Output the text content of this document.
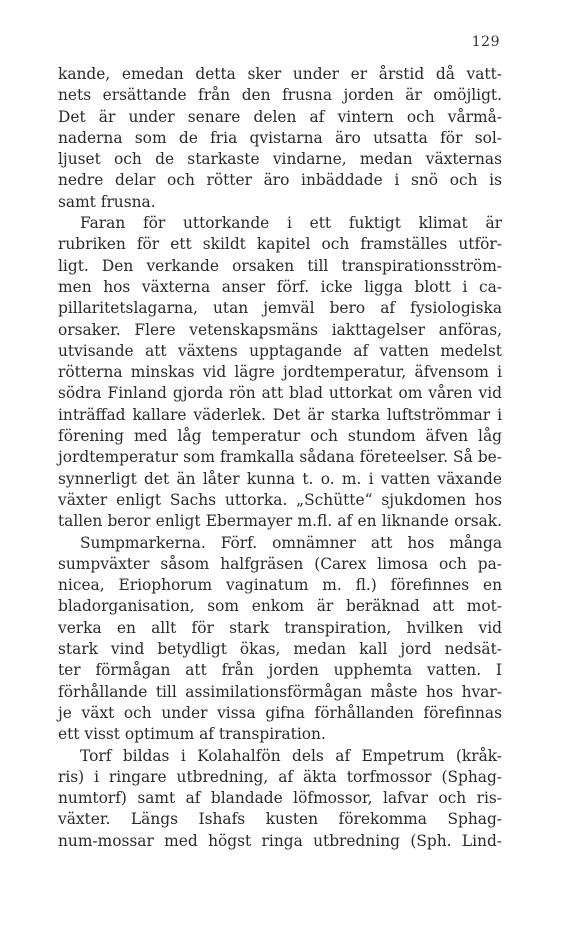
129
kande, emedan detta sker under er årstid då vatt-
nets ersättande från den frusna jorden är omöjligt.
Det är under senare delen af vintern och vårmå-
naderna som de fria qvistarna äro utsatta för sol-
ljuset och de starkaste vindarne, medan växternas
nedre delar och rötter äro inbäddade i snö och is
samt frusna.
Faran för uttorkande i ett fuktigt klimat är
rubriken för ett skildt kapitel och framställes utför-
ligt. Den verkande orsaken till transpirationsström-
men hos växterna anser förf. icke ligga blott i ca-
pillaritetslagarna, utan jemväl bero af fysiologiska
orsaker. Flere vetenskapsmäns iakttagelser anföras,
utvisande att växtens upptagande af vatten medelst
rötterna minskas vid lägre jordtemperatur, äfvensom i
södra Finland gjorda rön att blad uttorkat om våren vid
inträffad kallare väderlek. Det är starka luftströmmar i
förening med låg temperatur och stundom äfven låg
jordtemperatur som framkalla sådana företeelser. Så be-
synnerligt det än låter kunna t. o. m. i vatten växande
växter enligt Sachs uttorka. „Schütte“ sjukdomen hos
tallen beror enligt Ebermayer m.fl. af en liknande orsak.
Sumpmarkerna. Förf. omnämner att hos många
sumpväxter såsom halfgräsen (Carex limosa och pa-
nicea, Eriophorum vaginatum m. fl.) förefinnes en
bladorganisation, som enkom är beräknad att mot-
verka en allt för stark transpiration, hvilken vid
stark vind betydligt ökas, medan kall jord nedsät-
ter förmågan att från jorden upphemta vatten. I
förhållande till assimilationsförmågan måste hos hvar-
je växt och under vissa gifna förhållanden förefinnas
ett visst optimum af transpiration.
Torf bildas i Kolahalfön dels af Empetrum (kråk-
ris) i ringare utbredning, af äkta torfmossor (Sphag-
numtorf) samt af blandade löfmossor, lafvar och ris-
växter. Längs Ishafs kusten förekomma Sphag-
num-mossar med högst ringa utbredning (Sph. Lind-
